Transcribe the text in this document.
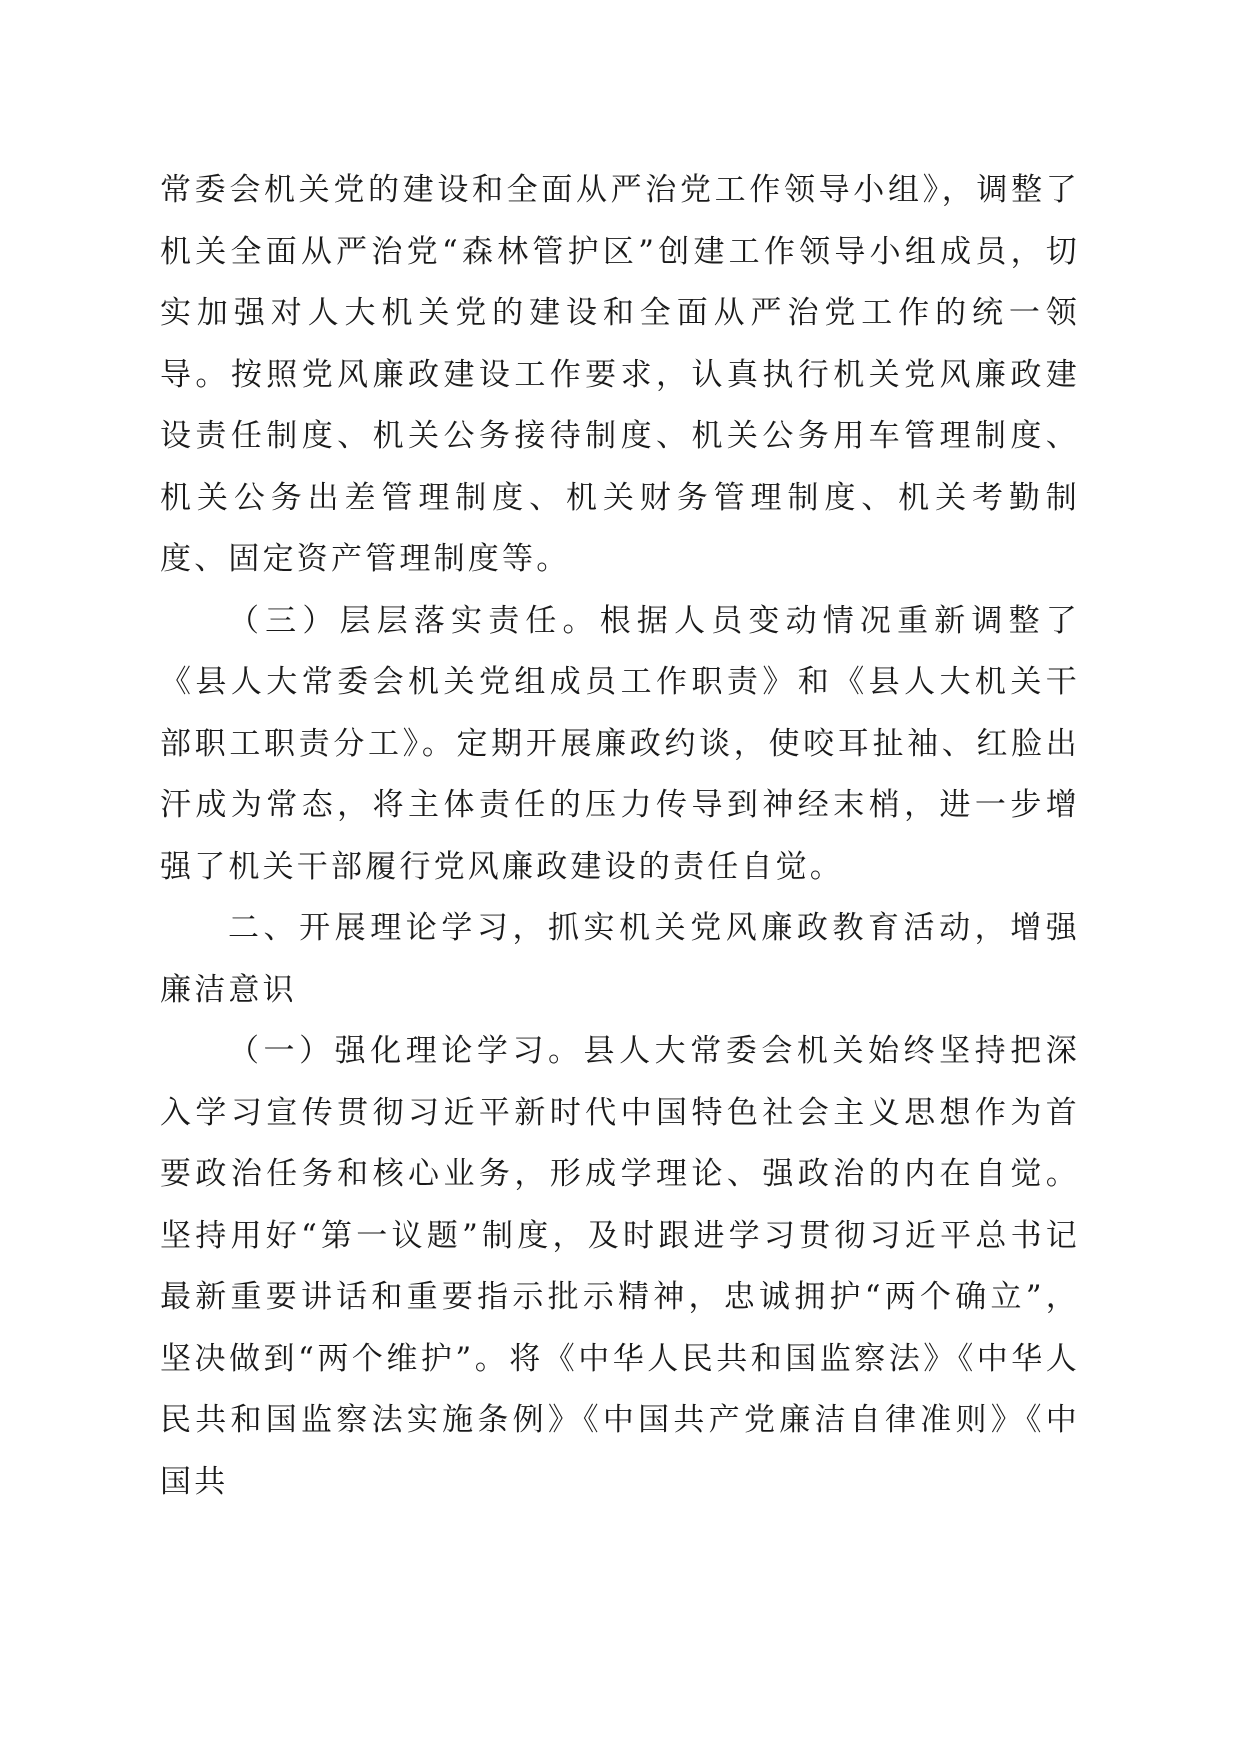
常委会机关党的建设和全面从严治党工作领导小组》，调整了机关全面从严治党“森林管护区”创建工作领导小组成员，切实加强对人大机关党的建设和全面从严治党工作的统一领导。按照党风廉政建设工作要求，认真执行机关党风廉政建设责任制度、机关公务接待制度、机关公务用车管理制度、机关公务出差管理制度、机关财务管理制度、机关考勤制度、固定资产管理制度等。

（三）层层落实责任。根据人员变动情况重新调整了《县人大常委会机关党组成员工作职责》和《县人大机关干部职工职责分工》。定期开展廉政约谈，使咬耳扯袖、红脸出汗成为常态，将主体责任的压力传导到神经末梢，进一步增强了机关干部履行党风廉政建设的责任自觉。

二、开展理论学习，抓实机关党风廉政教育活动，增强廉洁意识

（一）强化理论学习。县人大常委会机关始终坚持把深入学习宣传贯彻习近平新时代中国特色社会主义思想作为首要政治任务和核心业务，形成学理论、强政治的内在自觉。坚持用好“第一议题”制度，及时跟进学习贯彻习近平总书记最新重要讲话和重要指示批示精神，忠诚拥护“两个确立”，坚决做到“两个维护”。将《中华人民共和国监察法》《中华人民共和国监察法实施条例》《中国共产党廉洁自律准则》《中国共
